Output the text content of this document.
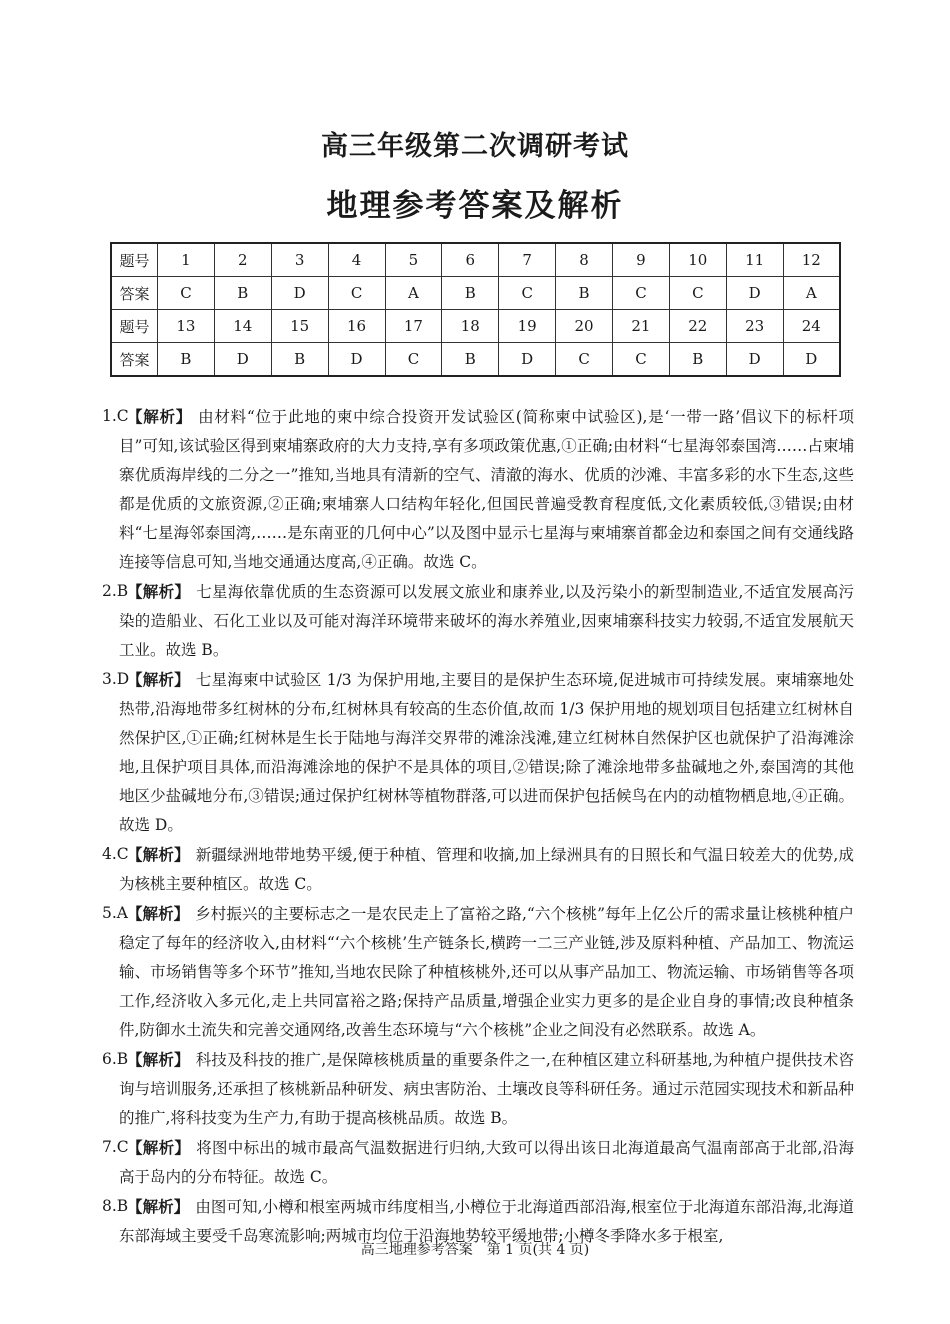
高三年级第二次调研考试
地理参考答案及解析
题号	1	2	3	4	5	6	7	8	9	10	11	12
答案	C	B	D	C	A	B	C	B	C	C	D	A
题号	13	14	15	16	17	18	19	20	21	22	23	24
答案	B	D	B	D	C	B	D	C	C	B	D	D
1.C
【解析】 由材料“位于此地的柬中综合投资开发试验区(简称柬中试验区),是‘一带一路’倡议下的标杆项目”可知,该试验区得到柬埔寨政府的大力支持,享有多项政策优惠,①正确;由材料“七星海邻泰国湾……占柬埔寨优质海岸线的二分之一”推知,当地具有清新的空气、清澈的海水、优质的沙滩、丰富多彩的水下生态,这些都是优质的文旅资源,②正确;柬埔寨人口结构年轻化,但国民普遍受教育程度低,文化素质较低,③错误;由材料“七星海邻泰国湾,……是东南亚的几何中心”以及图中显示七星海与柬埔寨首都金边和泰国之间有交通线路连接等信息可知,当地交通通达度高,④正确。故选 C。
2.B
【解析】 七星海依靠优质的生态资源可以发展文旅业和康养业,以及污染小的新型制造业,不适宜发展高污染的造船业、石化工业以及可能对海洋环境带来破坏的海水养殖业,因柬埔寨科技实力较弱,不适宜发展航天工业。故选 B。
3.D
【解析】 七星海柬中试验区 1/3 为保护用地,主要目的是保护生态环境,促进城市可持续发展。柬埔寨地处热带,沿海地带多红树林的分布,红树林具有较高的生态价值,故而 1/3 保护用地的规划项目包括建立红树林自然保护区,①正确;红树林是生长于陆地与海洋交界带的滩涂浅滩,建立红树林自然保护区也就保护了沿海滩涂地,且保护项目具体,而沿海滩涂地的保护不是具体的项目,②错误;除了滩涂地带多盐碱地之外,泰国湾的其他地区少盐碱地分布,③错误;通过保护红树林等植物群落,可以进而保护包括候鸟在内的动植物栖息地,④正确。故选 D。
4.C
【解析】 新疆绿洲地带地势平缓,便于种植、管理和收摘,加上绿洲具有的日照长和气温日较差大的优势,成为核桃主要种植区。故选 C。
5.A 【解析】 乡村振兴的主要标志之一是农民走上了富裕之路,“六个核桃”每年上亿公斤的需求量让核桃种植户稳定了每年的经济收入,由材料“‘六个核桃’生产链条长,横跨一二三产业链,涉及原料种植、产品加工、物流运输、市场销售等多个环节”推知,当地农民除了种植核桃外,还可以从事产品加工、物流运输、市场销售等各项工作,经济收入多元化,走上共同富裕之路;保持产品质量,增强企业实力更多的是企业自身的事情;改良种植条件,防御水土流失和完善交通网络,改善生态环境与“六个核桃”企业之间没有必然联系。故选 A。
6.B
【解析】 科技及科技的推广,是保障核桃质量的重要条件之一,在种植区建立科研基地,为种植户提供技术咨询与培训服务,还承担了核桃新品种研发、病虫害防治、土壤改良等科研任务。通过示范园实现技术和新品种的推广,将科技变为生产力,有助于提高核桃品质。故选 B。
7.C
【解析】 将图中标出的城市最高气温数据进行归纳,大致可以得出该日北海道最高气温南部高于北部,沿海高于岛内的分布特征。故选 C。
8.B
【解析】 由图可知,小樽和根室两城市纬度相当,小樽位于北海道西部沿海,根室位于北海道东部沿海,北海道东部海域主要受千岛寒流影响;两城市均位于沿海地势较平缓地带;小樽冬季降水多于根室,
高三地理参考答案　第 1 页(共 4 页)
